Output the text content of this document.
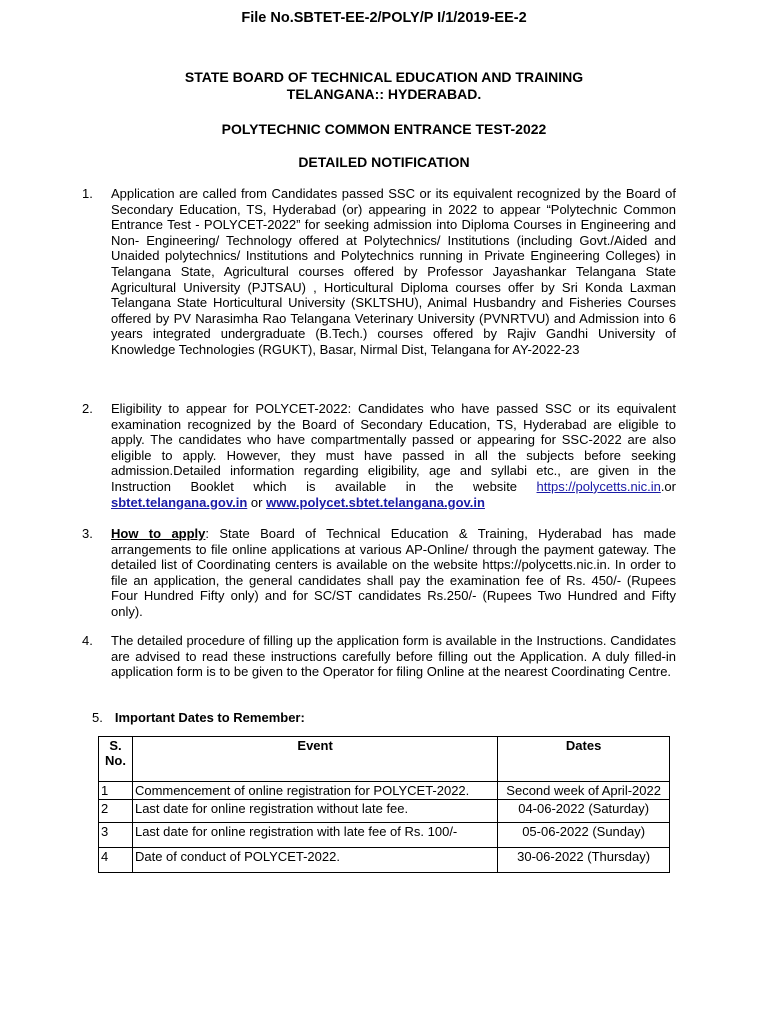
File No.SBTET-EE-2/POLY/P I/1/2019-EE-2
STATE BOARD OF TECHNICAL EDUCATION AND TRAINING
TELANGANA:: HYDERABAD.
POLYTECHNIC COMMON ENTRANCE TEST-2022
DETAILED NOTIFICATION
1. Application are called from Candidates passed SSC or its equivalent recognized by the Board of Secondary Education, TS, Hyderabad (or) appearing in 2022 to appear “Polytechnic Common Entrance Test - POLYCET-2022” for seeking admission into Diploma Courses in Engineering and Non- Engineering/ Technology offered at Polytechnics/ Institutions (including Govt./Aided and Unaided polytechnics/ Institutions and Polytechnics running in Private Engineering Colleges) in Telangana State, Agricultural courses offered by Professor Jayashankar Telangana State Agricultural University (PJTSAU) , Horticultural Diploma courses offer by Sri Konda Laxman Telangana State Horticultural University (SKLTSHU), Animal Husbandry and Fisheries Courses offered by PV Narasimha Rao Telangana Veterinary University (PVNRTVU) and Admission into 6 years integrated undergraduate (B.Tech.) courses offered by Rajiv Gandhi University of Knowledge Technologies (RGUKT), Basar, Nirmal Dist, Telangana for AY-2022-23
2. Eligibility to appear for POLYCET-2022: Candidates who have passed SSC or its equivalent examination recognized by the Board of Secondary Education, TS, Hyderabad are eligible to apply. The candidates who have compartmentally passed or appearing for SSC-2022 are also eligible to apply. However, they must have passed in all the subjects before seeking admission.Detailed information regarding eligibility, age and syllabi etc., are given in the Instruction Booklet which is available in the website https://polycetts.nic.in.or sbtet.telangana.gov.in or www.polycet.sbtet.telangana.gov.in
3. How to apply: State Board of Technical Education & Training, Hyderabad has made arrangements to file online applications at various AP-Online/ through the payment gateway. The detailed list of Coordinating centers is available on the website https://polycetts.nic.in. In order to file an application, the general candidates shall pay the examination fee of Rs. 450/- (Rupees Four Hundred Fifty only) and for SC/ST candidates Rs.250/- (Rupees Two Hundred and Fifty only).
4. The detailed procedure of filling up the application form is available in the Instructions. Candidates are advised to read these instructions carefully before filling out the Application. A duly filled-in application form is to be given to the Operator for filing Online at the nearest Coordinating Centre.
5. Important Dates to Remember:
S.
No.	Event	Dates
1	Commencement of online registration for POLYCET-2022.	Second week of April-2022
2	Last date for online registration without late fee.	04-06-2022 (Saturday)
3	Last date for online registration with late fee of Rs. 100/-	05-06-2022 (Sunday)
4	Date of conduct of POLYCET-2022.	30-06-2022 (Thursday)
